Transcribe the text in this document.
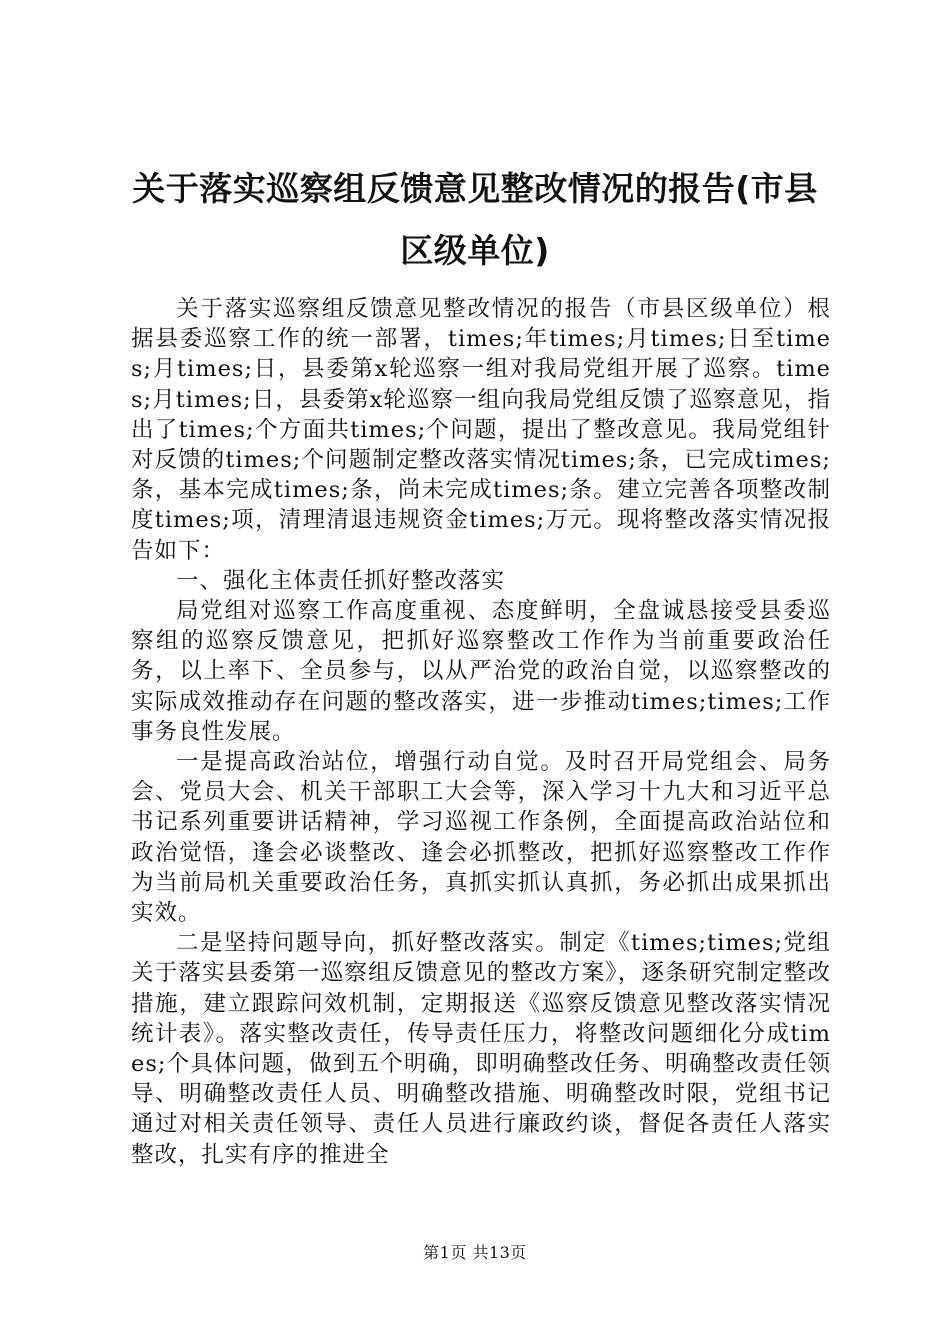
关于落实巡察组反馈意见整改情况的报告(市县区级单位)

关于落实巡察组反馈意见整改情况的报告（市县区级单位）根据县委巡察工作的统一部署，times;年times;月times;日至times;月times;日，县委第x轮巡察一组对我局党组开展了巡察。times;月times;日，县委第x轮巡察一组向我局党组反馈了巡察意见，指出了times;个方面共times;个问题，提出了整改意见。我局党组针对反馈的times;个问题制定整改落实情况times;条，已完成times;条，基本完成times;条，尚未完成times;条。建立完善各项整改制度times;项，清理清退违规资金times;万元。现将整改落实情况报告如下：

一、强化主体责任抓好整改落实

局党组对巡察工作高度重视、态度鲜明，全盘诚恳接受县委巡察组的巡察反馈意见，把抓好巡察整改工作作为当前重要政治任务，以上率下、全员参与，以从严治党的政治自觉，以巡察整改的实际成效推动存在问题的整改落实，进一步推动times;times;工作事务良性发展。

一是提高政治站位，增强行动自觉。及时召开局党组会、局务会、党员大会、机关干部职工大会等，深入学习十九大和习近平总书记系列重要讲话精神，学习巡视工作条例，全面提高政治站位和政治觉悟，逢会必谈整改、逢会必抓整改，把抓好巡察整改工作作为当前局机关重要政治任务，真抓实抓认真抓，务必抓出成果抓出实效。

二是坚持问题导向，抓好整改落实。制定《times;times;党组关于落实县委第一巡察组反馈意见的整改方案》，逐条研究制定整改措施，建立跟踪问效机制，定期报送《巡察反馈意见整改落实情况统计表》。落实整改责任，传导责任压力，将整改问题细化分成times;个具体问题，做到五个明确，即明确整改任务、明确整改责任领导、明确整改责任人员、明确整改措施、明确整改时限，党组书记通过对相关责任领导、责任人员进行廉政约谈，督促各责任人落实整改，扎实有序的推进全

第1页 共13页
